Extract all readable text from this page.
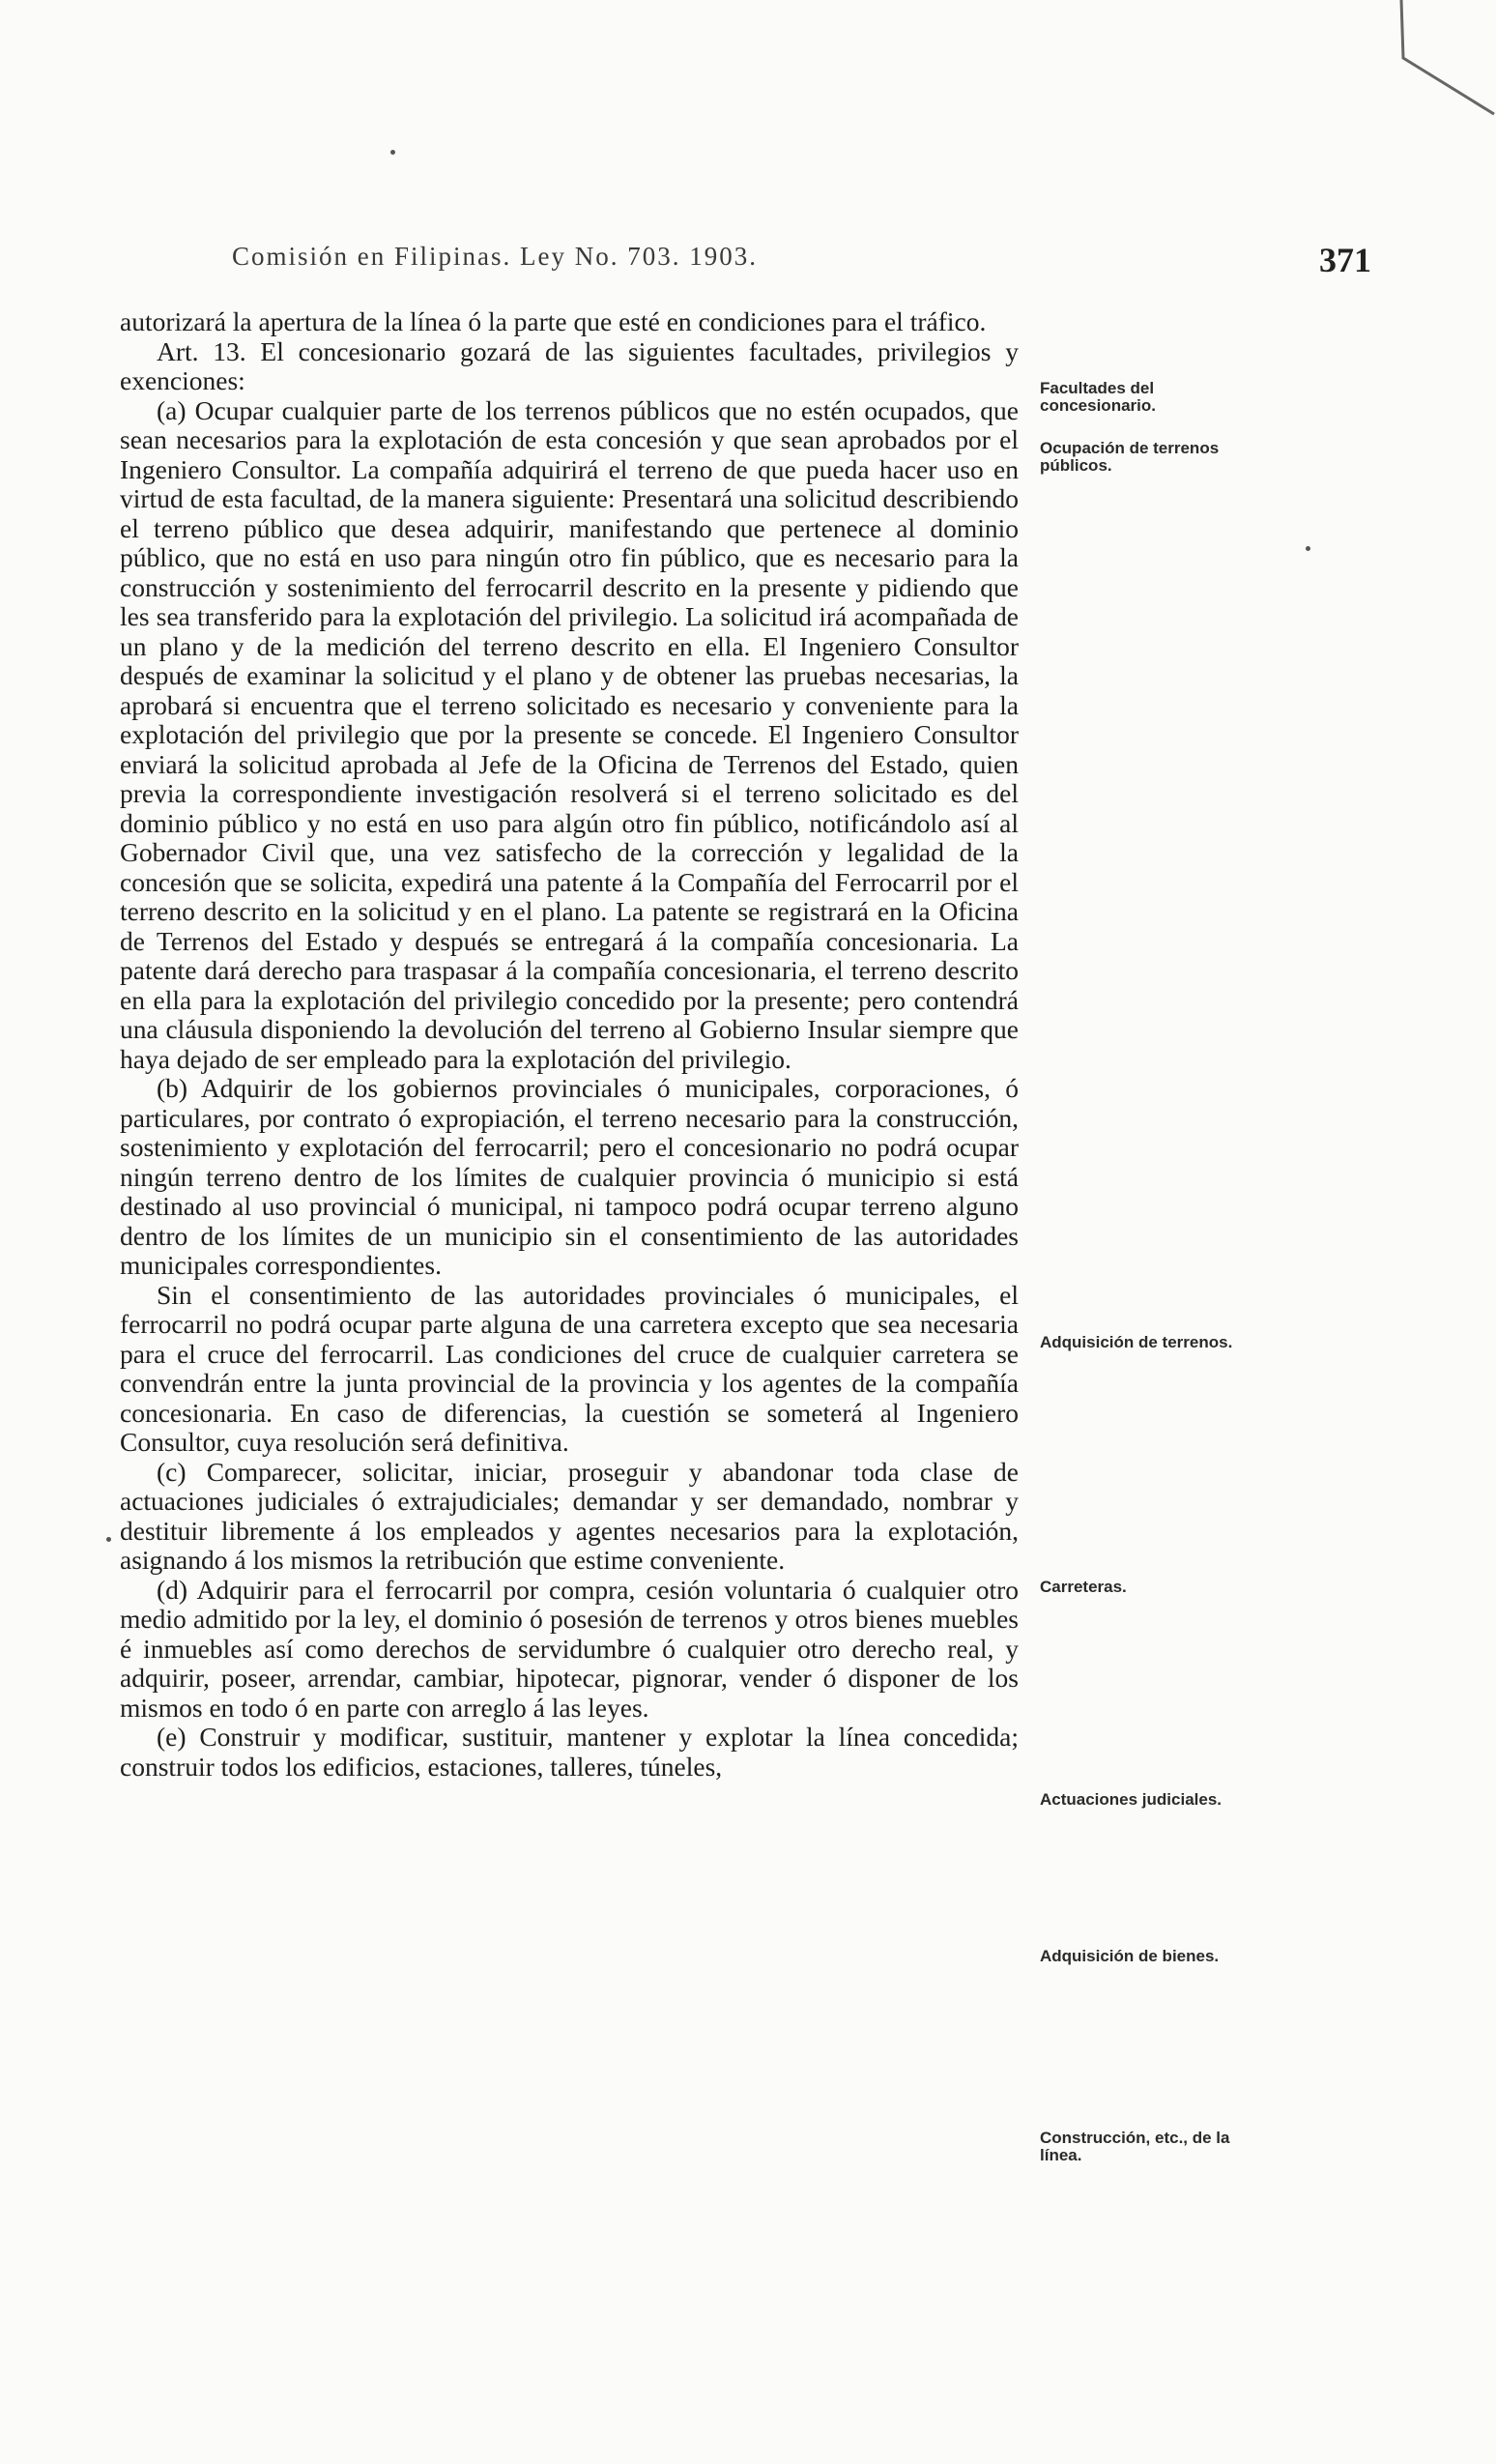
Comisión en Filipinas. Ley No. 703. 1903.	371

autorizará la apertura de la línea ó la parte que esté en condiciones para el tráfico.

Art. 13. El concesionario gozará de las siguientes facultades, privilegios y exenciones:

(a) Ocupar cualquier parte de los terrenos públicos que no estén ocupados, que sean necesarios para la explotación de esta concesión y que sean aprobados por el Ingeniero Consultor. La compañía adquirirá el terreno de que pueda hacer uso en virtud de esta facultad, de la manera siguiente: Presentará una solicitud describiendo el terreno público que desea adquirir, manifestando que pertenece al dominio público, que no está en uso para ningún otro fin público, que es necesario para la construcción y sostenimiento del ferrocarril descrito en la presente y pidiendo que les sea transferido para la explotación del privilegio. La solicitud irá acompañada de un plano y de la medición del terreno descrito en ella. El Ingeniero Consultor después de examinar la solicitud y el plano y de obtener las pruebas necesarias, la aprobará si encuentra que el terreno solicitado es necesario y conveniente para la explotación del privilegio que por la presente se concede. El Ingeniero Consultor enviará la solicitud aprobada al Jefe de la Oficina de Terrenos del Estado, quien previa la correspondiente investigación resolverá si el terreno solicitado es del dominio público y no está en uso para algún otro fin público, notificándolo así al Gobernador Civil que, una vez satisfecho de la corrección y legalidad de la concesión que se solicita, expedirá una patente á la Compañía del Ferrocarril por el terreno descrito en la solicitud y en el plano. La patente se registrará en la Oficina de Terrenos del Estado y después se entregará á la compañía concesionaria. La patente dará derecho para traspasar á la compañía concesionaria, el terreno descrito en ella para la explotación del privilegio concedido por la presente; pero contendrá una cláusula disponiendo la devolución del terreno al Gobierno Insular siempre que haya dejado de ser empleado para la explotación del privilegio.

(b) Adquirir de los gobiernos provinciales ó municipales, corporaciones, ó particulares, por contrato ó expropiación, el terreno necesario para la construcción, sostenimiento y explotación del ferrocarril; pero el concesionario no podrá ocupar ningún terreno dentro de los límites de cualquier provincia ó municipio si está destinado al uso provincial ó municipal, ni tampoco podrá ocupar terreno alguno dentro de los límites de un municipio sin el consentimiento de las autoridades municipales correspondientes.

Sin el consentimiento de las autoridades provinciales ó municipales, el ferrocarril no podrá ocupar parte alguna de una carretera excepto que sea necesaria para el cruce del ferrocarril. Las condiciones del cruce de cualquier carretera se convendrán entre la junta provincial de la provincia y los agentes de la compañía concesionaria. En caso de diferencias, la cuestión se someterá al Ingeniero Consultor, cuya resolución será definitiva.

(c) Comparecer, solicitar, iniciar, proseguir y abandonar toda clase de actuaciones judiciales ó extrajudiciales; demandar y ser demandado, nombrar y destituir libremente á los empleados y agentes necesarios para la explotación, asignando á los mismos la retribución que estime conveniente.

(d) Adquirir para el ferrocarril por compra, cesión voluntaria ó cualquier otro medio admitido por la ley, el dominio ó posesión de terrenos y otros bienes muebles é inmuebles así como derechos de servidumbre ó cualquier otro derecho real, y adquirir, poseer, arrendar, cambiar, hipotecar, pignorar, vender ó disponer de los mismos en todo ó en parte con arreglo á las leyes.

(e) Construir y modificar, sustituir, mantener y explotar la línea concedida; construir todos los edificios, estaciones, talleres, túneles,

Facultades del concesionario.
Ocupación de terrenos públicos.
Adquisición de terrenos.
Carreteras.
Actuaciones judiciales.
Adquisición de bienes.
Construcción, etc., de la línea.
